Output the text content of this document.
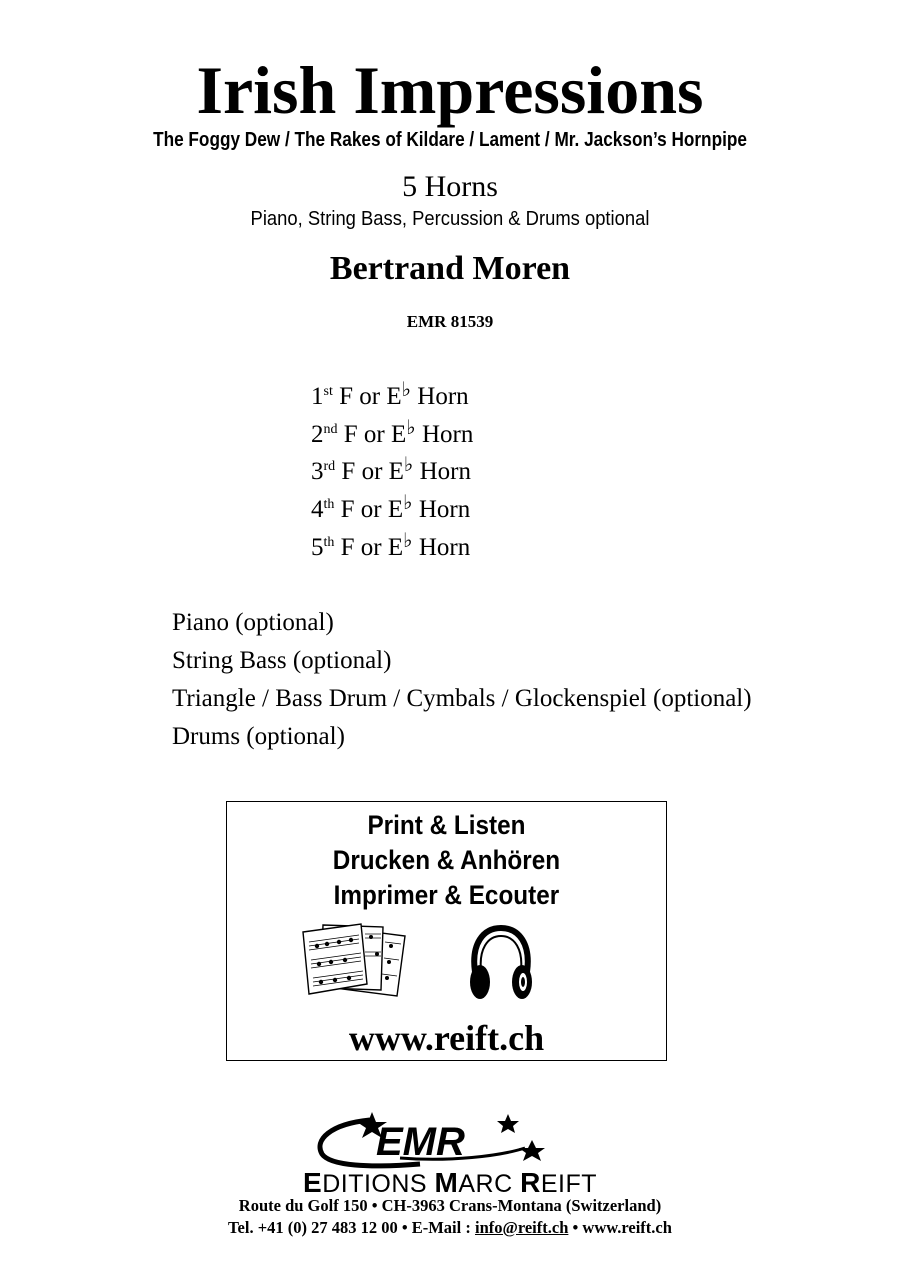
Irish Impressions
The Foggy Dew / The Rakes of Kildare / Lament / Mr. Jackson’s Hornpipe
5 Horns
Piano, String Bass, Percussion & Drums optional
Bertrand Moren
EMR 81539
1st F or E♭ Horn
2nd F or E♭ Horn
3rd F or E♭ Horn
4th F or E♭ Horn
5th F or E♭ Horn
Piano (optional)
String Bass (optional)
Triangle / Bass Drum / Cymbals / Glockenspiel (optional)
Drums (optional)
Print & Listen
Drucken & Anhören
Imprimer & Ecouter
www.reift.ch
EMR
EDITIONS MARC REIFT
Route du Golf 150 • CH-3963 Crans-Montana (Switzerland)
Tel. +41 (0) 27 483 12 00 • E-Mail : info@reift.ch • www.reift.ch
